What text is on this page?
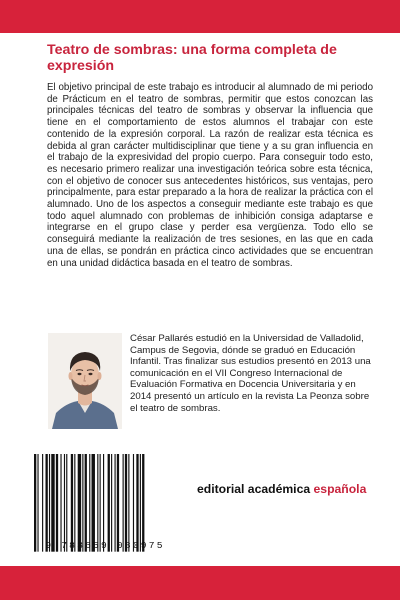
Teatro de sombras: una forma completa de expresión

El objetivo principal de este trabajo es introducir al alumnado de mi periodo de Prácticum en el teatro de sombras, permitir que estos conozcan las principales técnicas del teatro de sombras y observar la influencia que tiene en el comportamiento de estos alumnos el trabajar con este contenido de la expresión corporal. La razón de realizar esta técnica es debida al gran carácter multidisciplinar que tiene y a su gran influencia en el trabajo de la expresividad del propio cuerpo. Para conseguir todo esto, es necesario primero realizar una investigación teórica sobre esta técnica, con el objetivo de conocer sus antecedentes históricos, sus ventajas, pero principalmente, para estar preparado a la hora de realizar la práctica con el alumnado. Uno de los aspectos a conseguir mediante este trabajo es que todo aquel alumnado con problemas de inhibición consiga adaptarse e integrarse en el grupo clase y perder esa vergüenza. Todo ello se conseguirá mediante la realización de tres sesiones, en las que en cada una de ellas, se pondrán en práctica cinco actividades que se encuentran en una unidad didáctica basada en el teatro de sombras.

César Pallarés estudió en la Universidad de Valladolid, Campus de Segovia, dónde se graduó en Educación Infantil. Tras finalizar sus estudios presentó en 2013 una comunicación en el VII Congreso Internacional de Evaluación Formativa en Docencia Universitaria y en 2014 presentó un artículo en la revista La Peonza sobre el teatro de sombras.

9 783659 080975

editorial académica española
